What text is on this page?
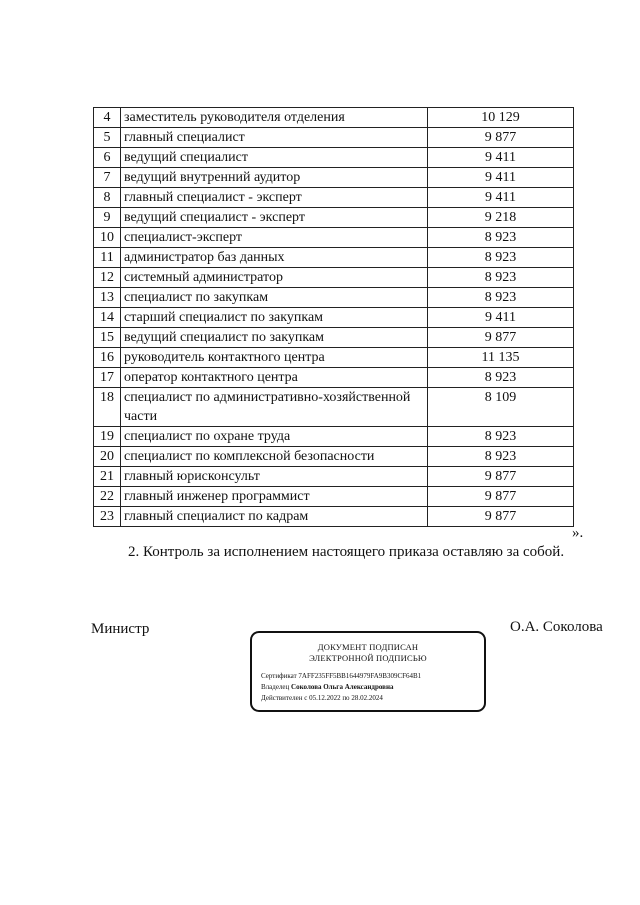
4	заместитель руководителя отделения	10 129
5	главный специалист	9 877
6	ведущий специалист	9 411
7	ведущий внутренний аудитор	9 411
8	главный специалист - эксперт	9 411
9	ведущий специалист - эксперт	9 218
10	специалист-эксперт	8 923
11	администратор баз данных	8 923
12	системный администратор	8 923
13	специалист по закупкам	8 923
14	старший специалист по закупкам	9 411
15	ведущий специалист по закупкам	9 877
16	руководитель контактного центра	11 135
17	оператор контактного центра	8 923
18	специалист по административно-хозяйственной части	8 109
19	специалист по охране труда	8 923
20	специалист по комплексной безопасности	8 923
21	главный юрисконсульт	9 877
22	главный инженер программист	9 877
23	главный специалист по кадрам	9 877
».
2. Контроль за исполнением настоящего приказа оставляю за собой.
Министр	О.А. Соколова
ДОКУМЕНТ ПОДПИСАН
ЭЛЕКТРОННОЙ ПОДПИСЬЮ
Сертификат 7AFF235FF5BB1644979FA9B309CF64B1
Владелец Соколова Ольга Александровна
Действителен с 05.12.2022 по 28.02.2024
